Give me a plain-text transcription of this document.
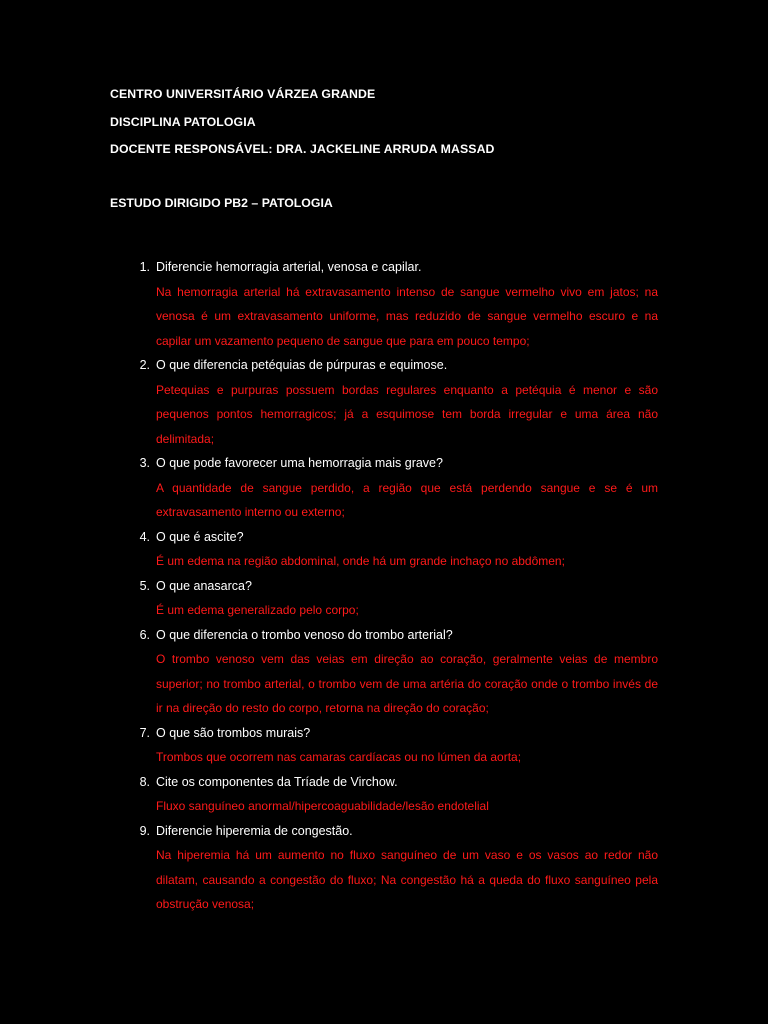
CENTRO UNIVERSITÁRIO VÁRZEA GRANDE
DISCIPLINA PATOLOGIA
DOCENTE RESPONSÁVEL: DRA. JACKELINE ARRUDA MASSAD
ESTUDO DIRIGIDO PB2 – PATOLOGIA
1. Diferencie hemorragia arterial, venosa e capilar.
Na hemorragia arterial há extravasamento intenso de sangue vermelho vivo em jatos; na venosa é um extravasamento uniforme, mas reduzido de sangue vermelho escuro e na capilar um vazamento pequeno de sangue que para em pouco tempo;
2. O que diferencia petéquias de púrpuras e equimose.
Petequias e purpuras possuem bordas regulares enquanto a petéquia é menor e são pequenos pontos hemorragicos; já a esquimose tem borda irregular e uma área não delimitada;
3. O que pode favorecer uma hemorragia mais grave?
A quantidade de sangue perdido, a região que está perdendo sangue e se é um extravasamento interno ou externo;
4. O que é ascite?
É um edema na região abdominal, onde há um grande inchaço no abdômen;
5. O que anasarca?
É um edema generalizado pelo corpo;
6. O que diferencia o trombo venoso do trombo arterial?
O trombo venoso vem das veias em direção ao coração, geralmente veias de membro superior; no trombo arterial, o trombo vem de uma artéria do coração onde o trombo invés de ir na direção do resto do corpo, retorna na direção do coração;
7. O que são trombos murais?
Trombos que ocorrem nas camaras cardíacas ou no lúmen da aorta;
8. Cite os componentes da Tríade de Virchow.
Fluxo sanguíneo anormal/hipercoaguabilidade/lesão endotelial
9. Diferencie hiperemia de congestão.
Na hiperemia há um aumento no fluxo sanguíneo de um vaso e os vasos ao redor não dilatam, causando a congestão do fluxo; Na congestão há a queda do fluxo sanguíneo pela obstrução venosa;
